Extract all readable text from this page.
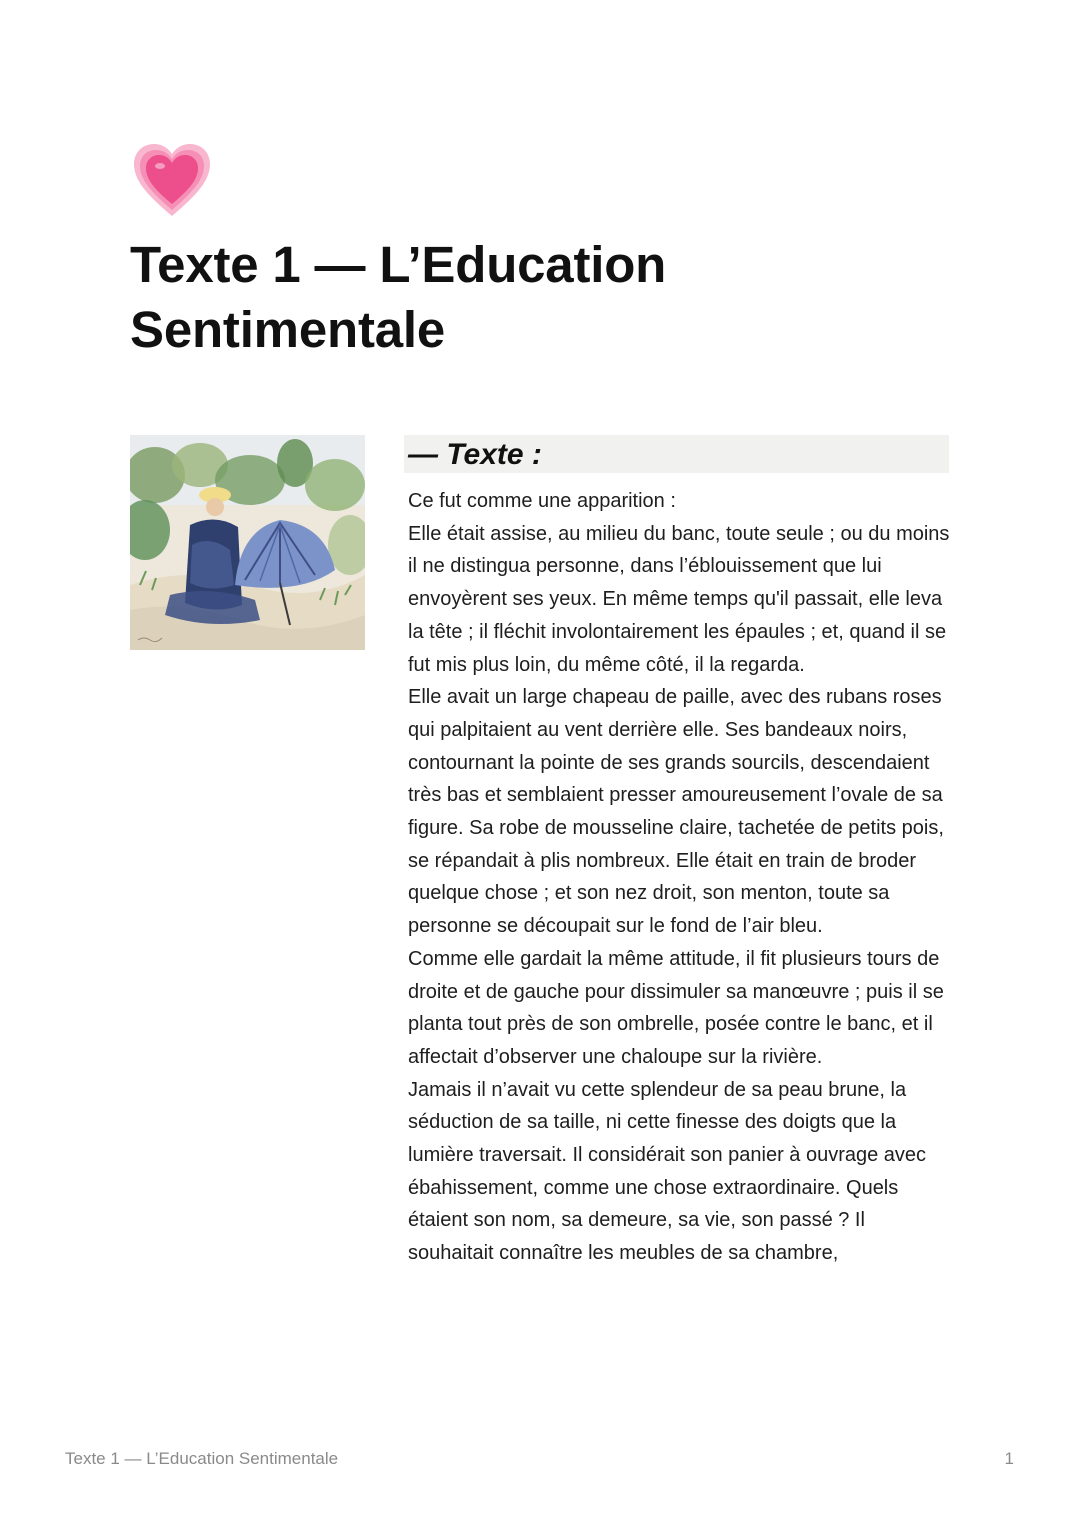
Texte 1 — L’Education
Sentimentale
— Texte :

Ce fut comme une apparition :

Elle était assise, au milieu du banc, toute seule ; ou du moins il ne distingua personne, dans l’éblouissement que lui envoyèrent ses yeux. En même temps qu'il passait, elle leva la tête ; il fléchit involontairement les épaules ; et, quand il se fut mis plus loin, du même côté, il la regarda.

Elle avait un large chapeau de paille, avec des rubans roses qui palpitaient au vent derrière elle. Ses bandeaux noirs, contournant la pointe de ses grands sourcils, descendaient très bas et semblaient presser amoureusement l’ovale de sa figure. Sa robe de mousseline claire, tachetée de petits pois, se répandait à plis nombreux. Elle était en train de broder quelque chose ; et son nez droit, son menton, toute sa personne se découpait sur le fond de l’air bleu.

Comme elle gardait la même attitude, il fit plusieurs tours de droite et de gauche pour dissimuler sa manœuvre ; puis il se planta tout près de son ombrelle, posée contre le banc, et il affectait d’observer une chaloupe sur la rivière.

Jamais il n’avait vu cette splendeur de sa peau brune, la séduction de sa taille, ni cette finesse des doigts que la lumière traversait. Il considérait son panier à ouvrage avec ébahissement, comme une chose extraordinaire. Quels étaient son nom, sa demeure, sa vie, son passé ? Il souhaitait connaître les meubles de sa chambre,

Texte 1 — L’Education Sentimentale	1
